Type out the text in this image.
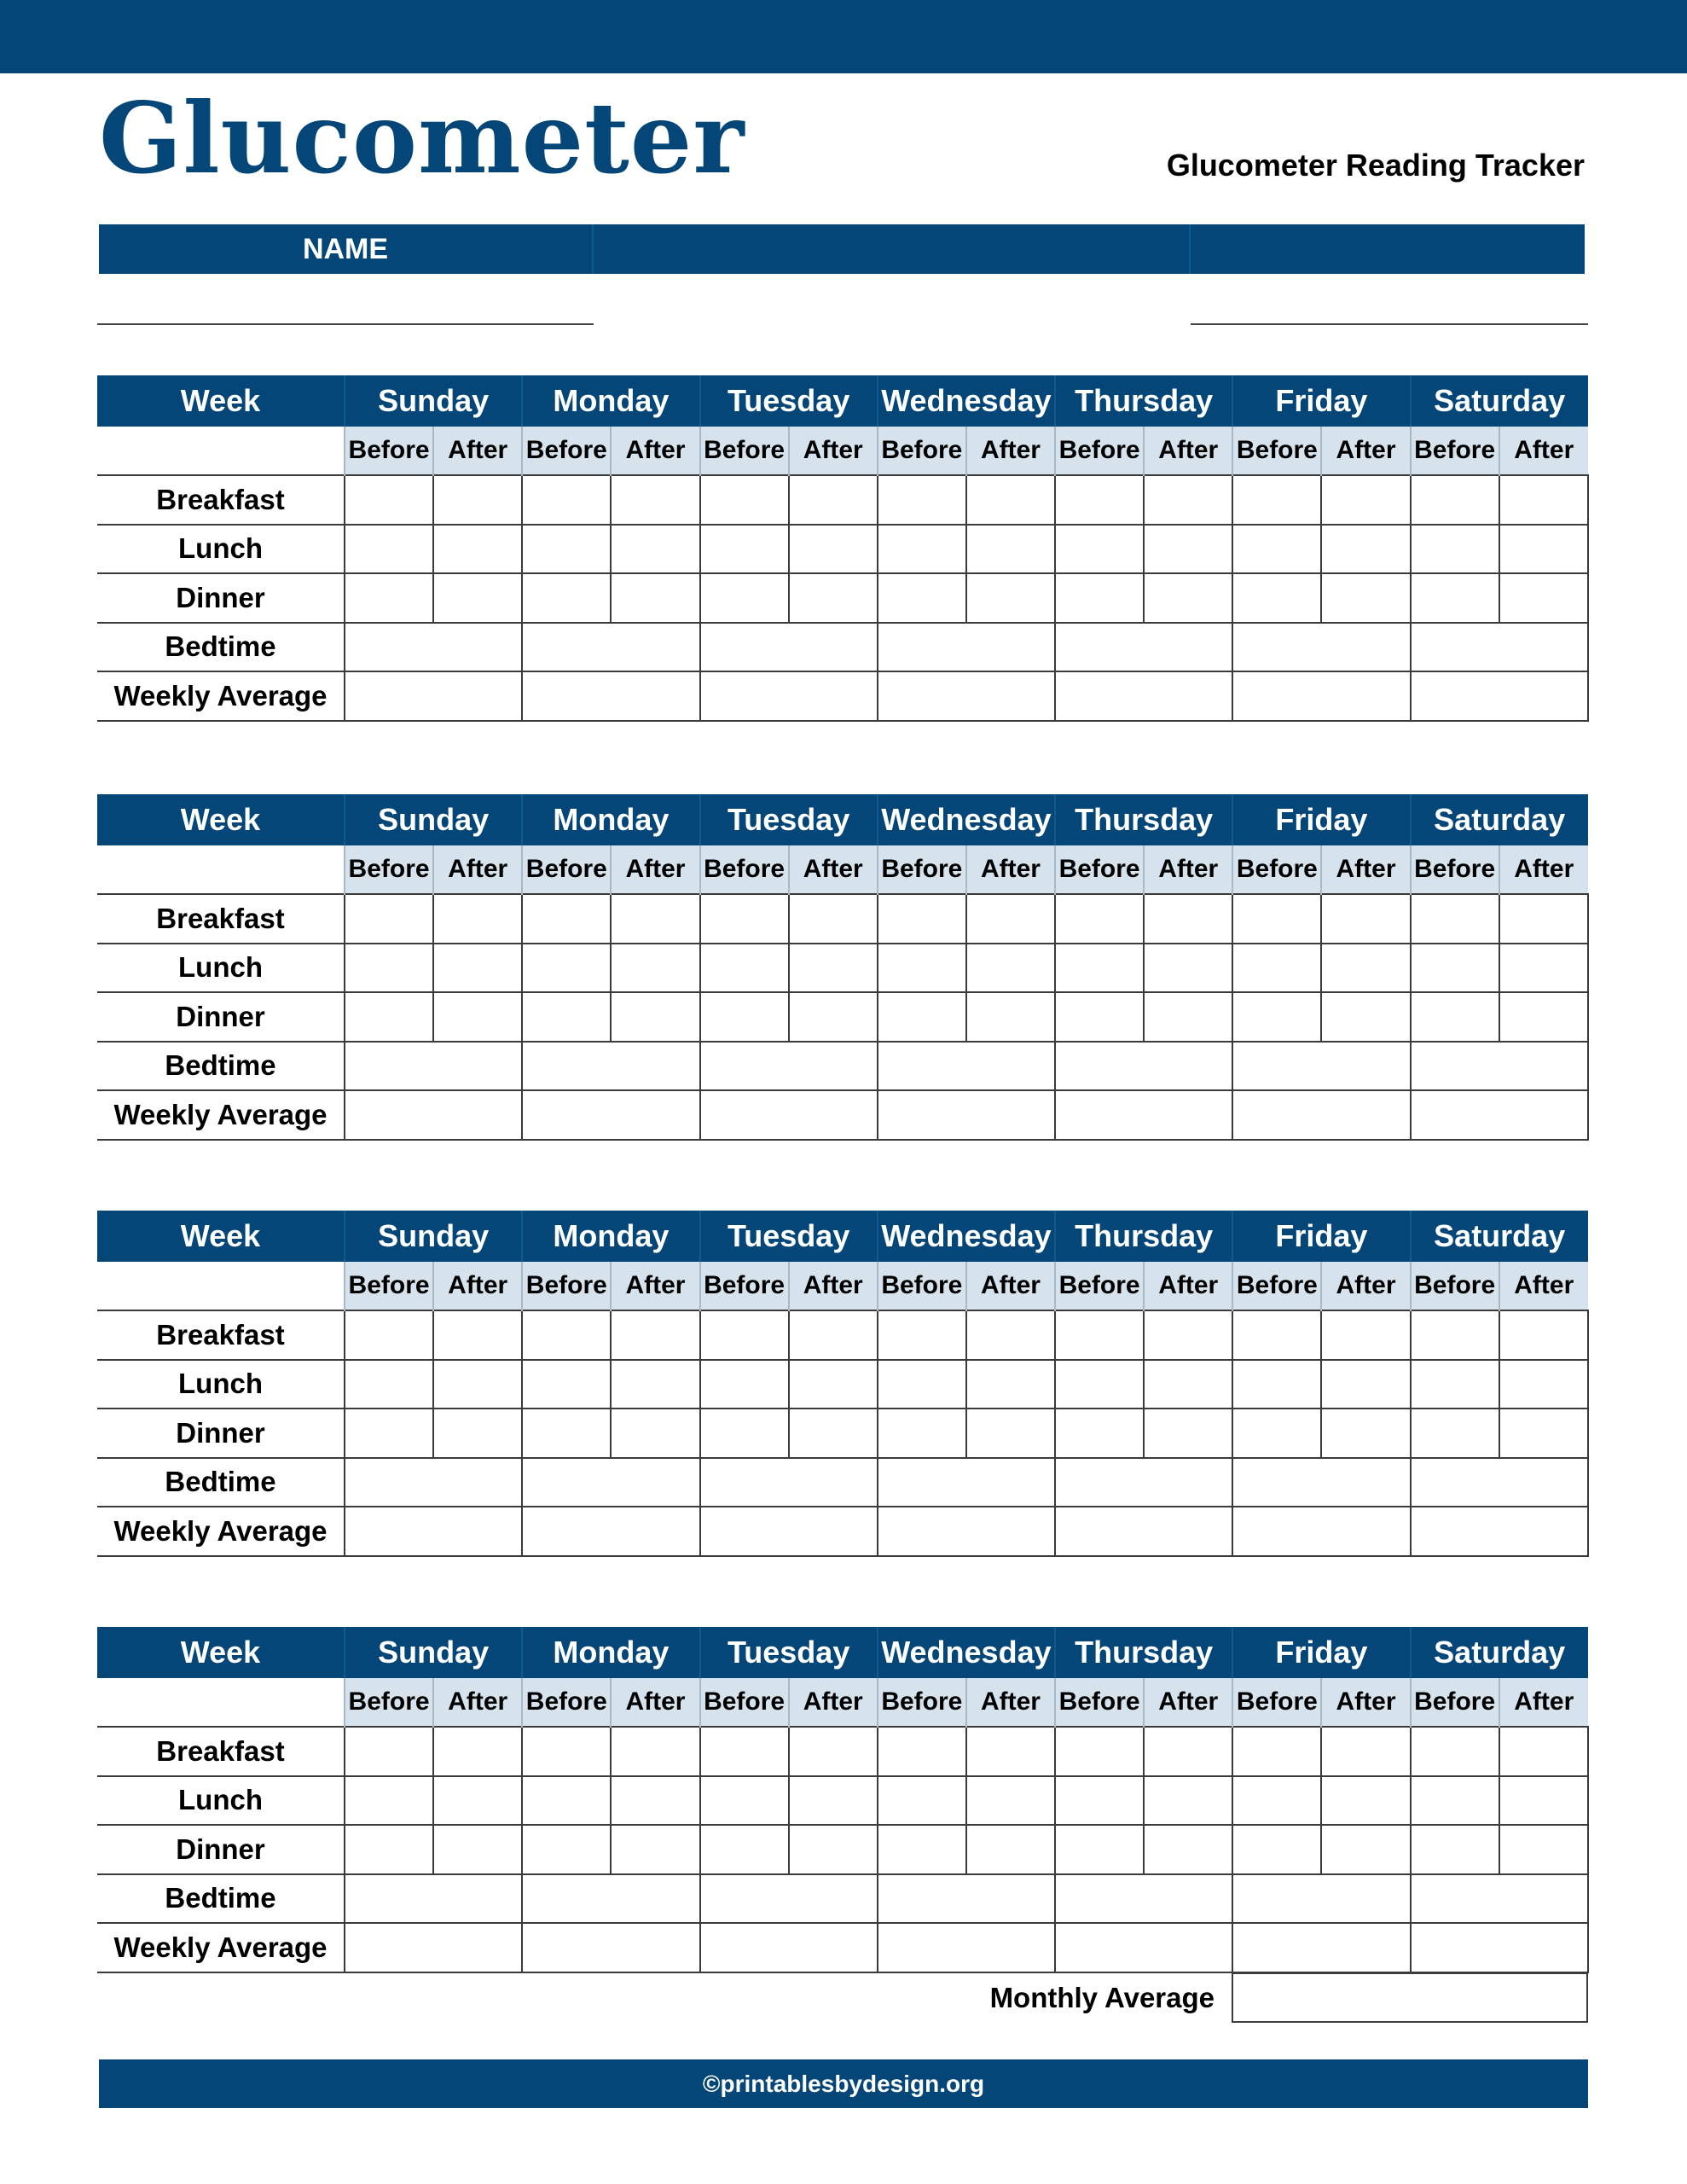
Glucometer	Glucometer Reading Tracker
NAME
Week	Sunday		Monday		Tuesday		Wednesday		Thursday		Friday		Saturday	
	Before	After	Before	After	Before	After	Before	After	Before	After	Before	After	Before	After
Breakfast														
Lunch														
Dinner														
Bedtime														
Weekly Average														
Week	Sunday		Monday		Tuesday		Wednesday		Thursday		Friday		Saturday	
	Before	After	Before	After	Before	After	Before	After	Before	After	Before	After	Before	After
Breakfast														
Lunch														
Dinner														
Bedtime														
Weekly Average														
Week	Sunday		Monday		Tuesday		Wednesday		Thursday		Friday		Saturday	
	Before	After	Before	After	Before	After	Before	After	Before	After	Before	After	Before	After
Breakfast														
Lunch														
Dinner														
Bedtime														
Weekly Average														
Week	Sunday		Monday		Tuesday		Wednesday		Thursday		Friday		Saturday	
	Before	After	Before	After	Before	After	Before	After	Before	After	Before	After	Before	After
Breakfast														
Lunch														
Dinner														
Bedtime														
Weekly Average														
Monthly Average
©printablesbydesign.org
